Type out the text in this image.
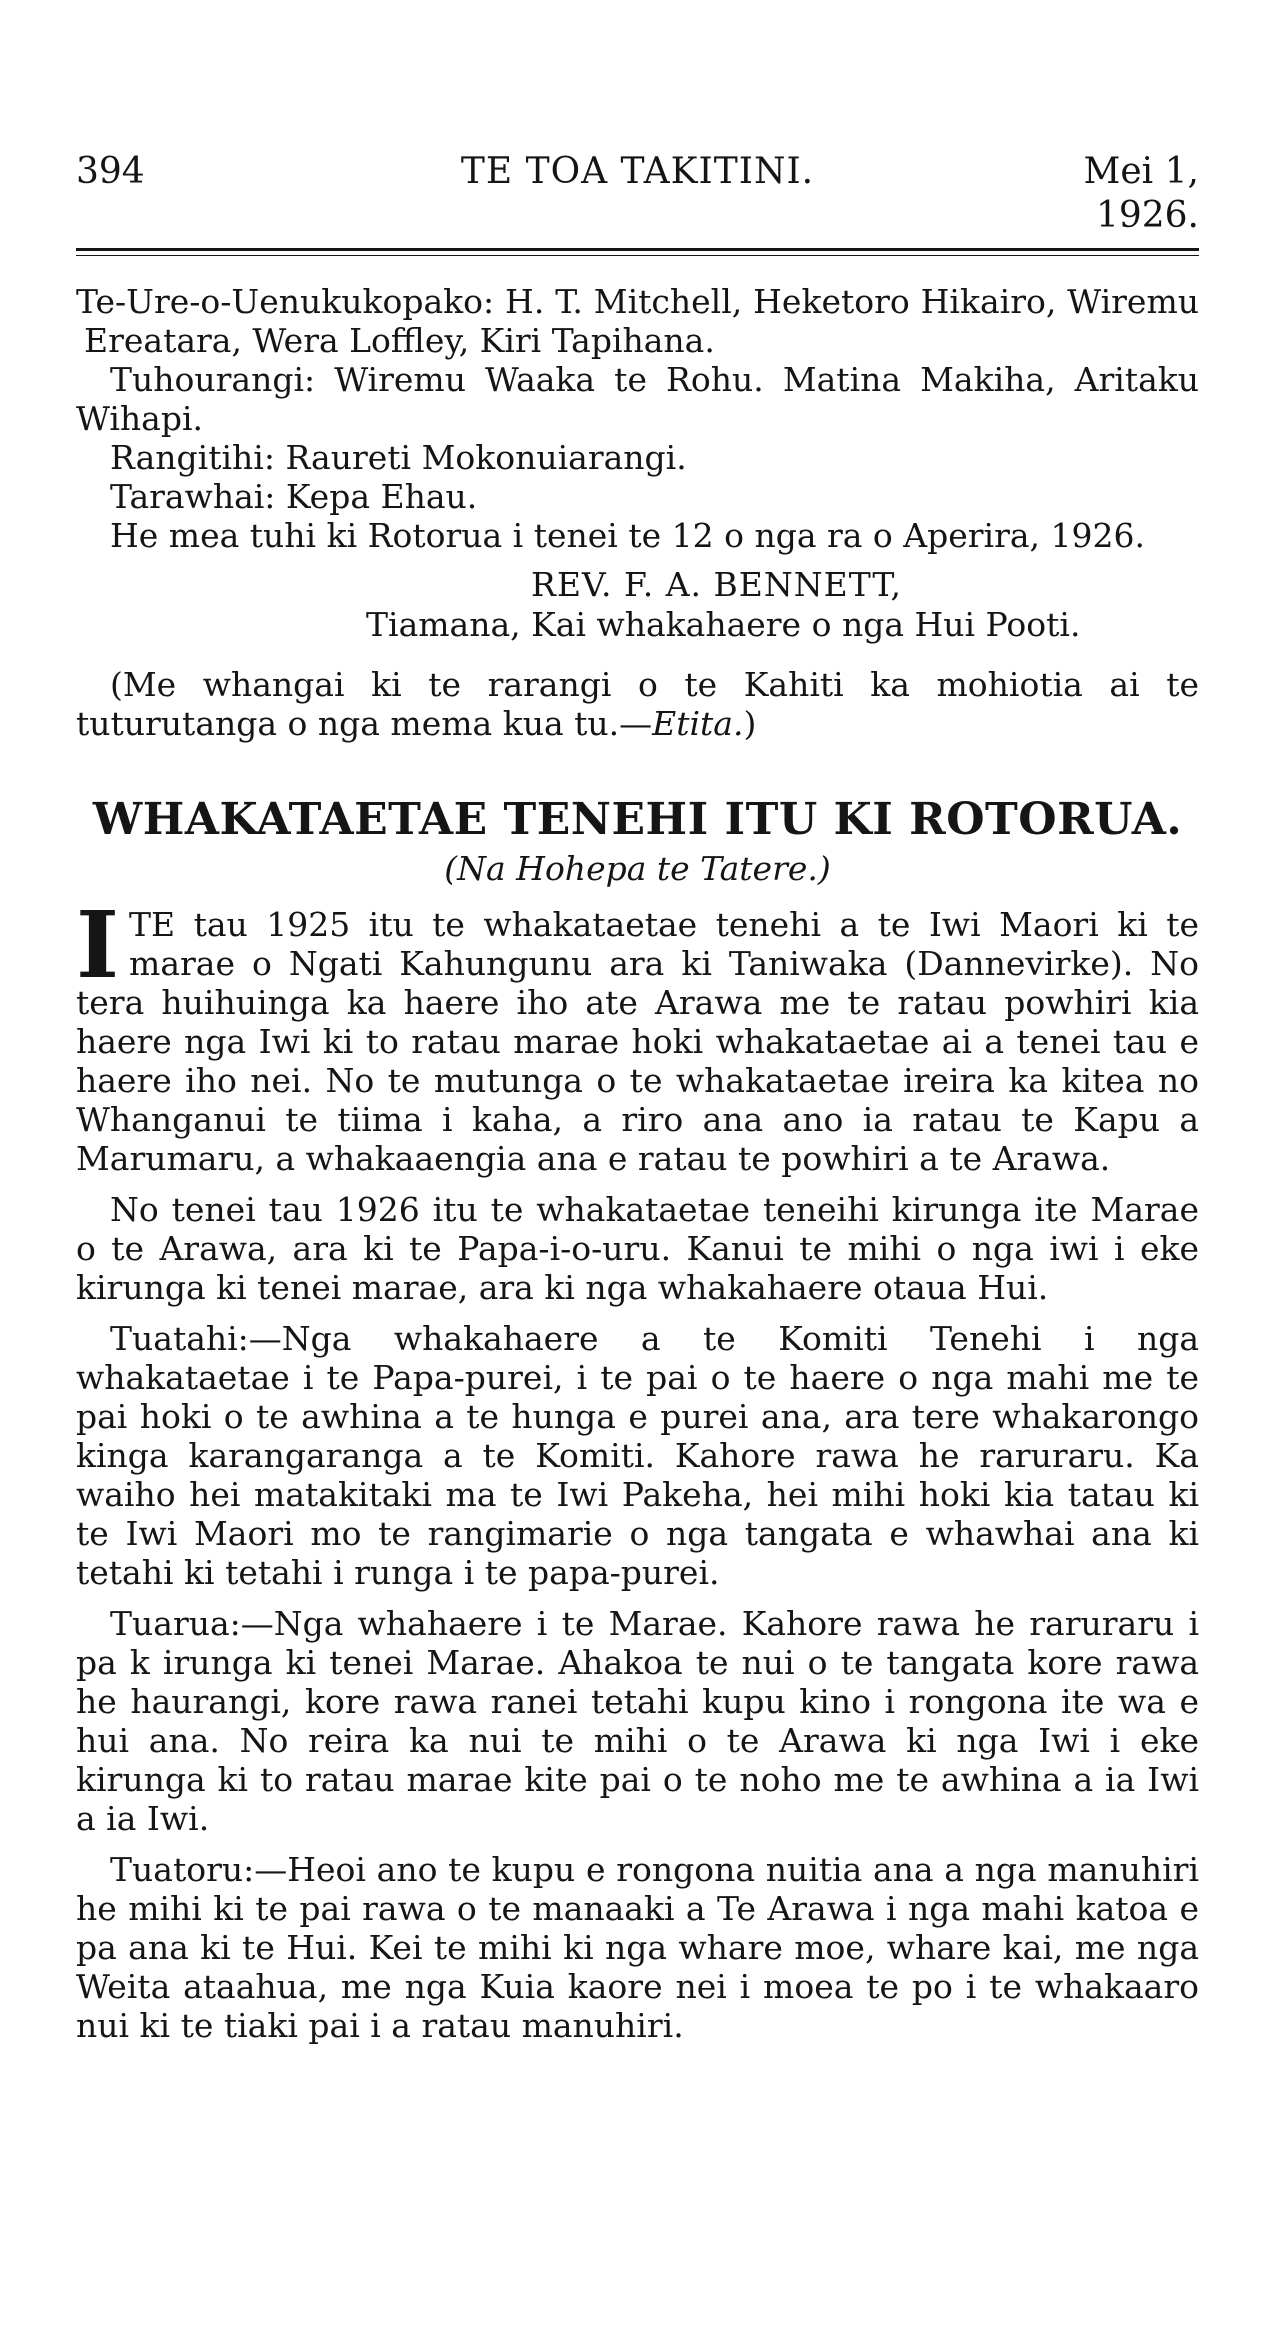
394	TE TOA TAKITINI.	Mei 1, 1926.

Te-Ure-o-Uenukukopako: H. T. Mitchell, Heketoro Hikairo, Wiremu Ereatara, Wera Loffley, Kiri Tapihana.

Tuhourangi: Wiremu Waaka te Rohu. Matina Makiha, Aritaku Wihapi.

Rangitihi: Raureti Mokonuiarangi.

Tarawhai: Kepa Ehau.

He mea tuhi ki Rotorua i tenei te 12 o nga ra o Aperira, 1926.

REV. F. A. BENNETT,
Tiamana, Kai whakahaere o nga Hui Pooti.

(Me whangai ki te rarangi o te Kahiti ka mohiotia ai te tuturutanga o nga mema kua tu.—Etita.)

WHAKATAETAE TENEHI ITU KI ROTORUA.
(Na Hohepa te Tatere.)
I TE tau 1925 itu te whakataetae tenehi a te Iwi Maori ki te marae o Ngati Kahungunu ara ki Taniwaka (Dannevirke). No tera huihuinga ka haere iho ate Arawa me te ratau powhiri kia haere nga Iwi ki to ratau marae hoki whakataetae ai a tenei tau e haere iho nei. No te mutunga o te whakataetae ireira ka kitea no Whanganui te tiima i kaha, a riro ana ano ia ratau te Kapu a Marumaru, a whakaaengia ana e ratau te powhiri a te Arawa.

No tenei tau 1926 itu te whakataetae teneihi kirunga ite Marae o te Arawa, ara ki te Papa-i-o-uru. Kanui te mihi o nga iwi i eke kirunga ki tenei marae, ara ki nga whakahaere otaua Hui.

Tuatahi:—Nga whakahaere a te Komiti Tenehi i nga whakataetae i te Papa-purei, i te pai o te haere o nga mahi me te pai hoki o te awhina a te hunga e purei ana, ara tere whakarongo kinga karangaranga a te Komiti. Kahore rawa he raruraru. Ka waiho hei matakitaki ma te Iwi Pakeha, hei mihi hoki kia tatau ki te Iwi Maori mo te rangimarie o nga tangata e whawhai ana ki tetahi ki tetahi i runga i te papa-purei.

Tuarua:—Nga whahaere i te Marae. Kahore rawa he raruraru i pa k irunga ki tenei Marae. Ahakoa te nui o te tangata kore rawa he haurangi, kore rawa ranei tetahi kupu kino i rongona ite wa e hui ana. No reira ka nui te mihi o te Arawa ki nga Iwi i eke kirunga ki to ratau marae kite pai o te noho me te awhina a ia Iwi a ia Iwi.

Tuatoru:—Heoi ano te kupu e rongona nuitia ana a nga manuhiri he mihi ki te pai rawa o te manaaki a Te Arawa i nga mahi katoa e pa ana ki te Hui. Kei te mihi ki nga whare moe, whare kai, me nga Weita ataahua, me nga Kuia kaore nei i moea te po i te whakaaro nui ki te tiaki pai i a ratau manuhiri.
